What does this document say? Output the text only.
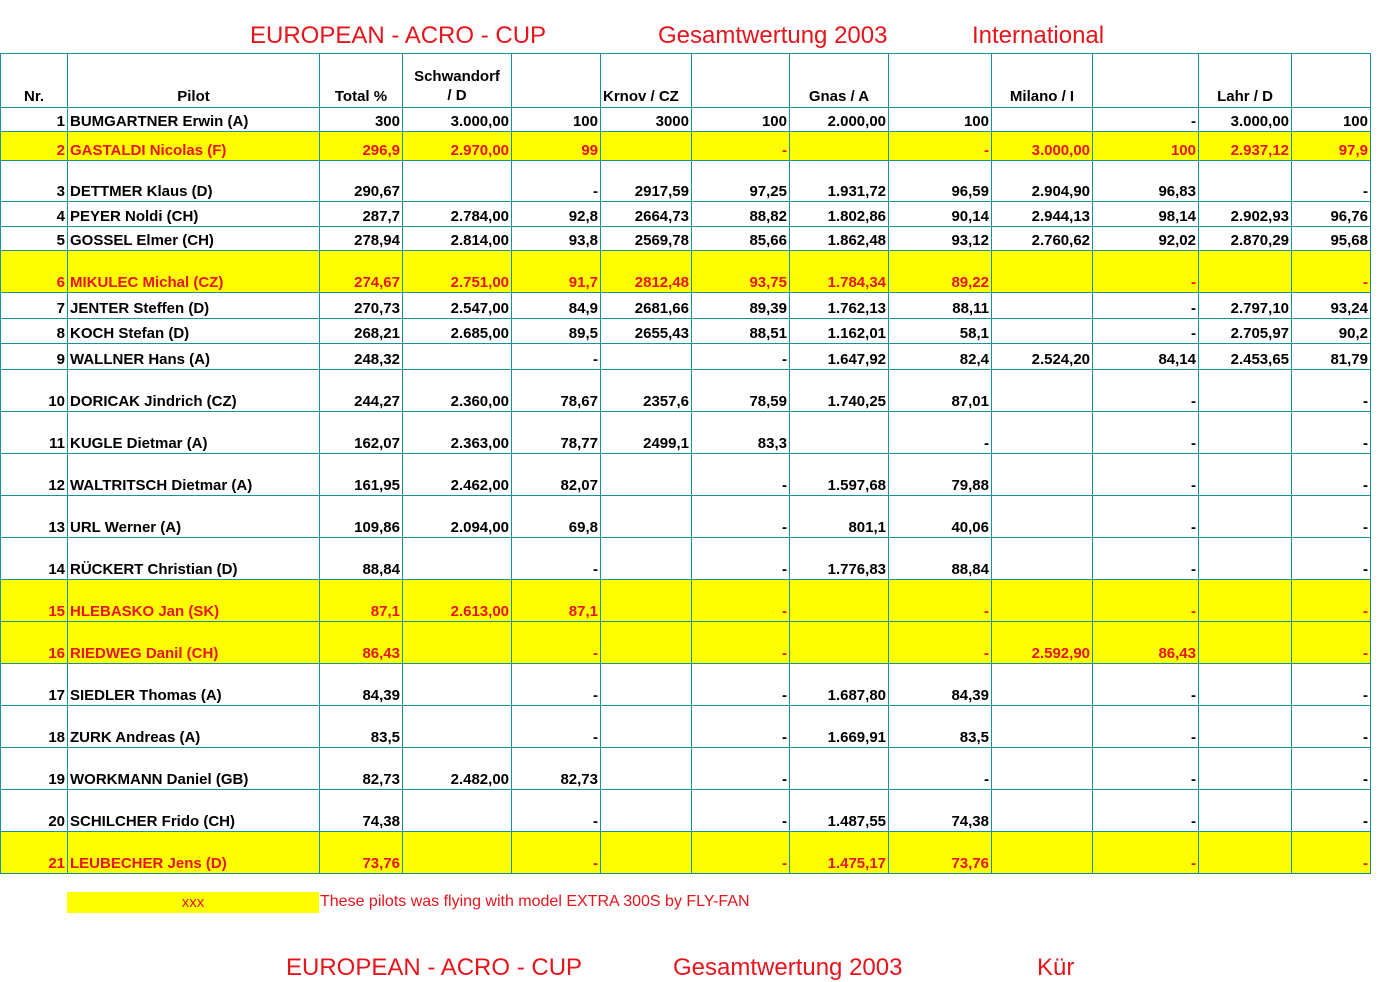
EUROPEAN - ACRO - CUP	Gesamtwertung 2003	International
Nr.	Pilot	Total %	Schwandorf
/ D		Krnov / CZ		Gnas / A		Milano / I		Lahr / D	
1	BUMGARTNER Erwin (A)	300	3.000,00	100	3000	100	2.000,00	100		-	3.000,00	100
2	GASTALDI Nicolas (F)	296,9	2.970,00	99		-		-	3.000,00	100	2.937,12	97,9
3	DETTMER Klaus (D)	290,67		-	2917,59	97,25	1.931,72	96,59	2.904,90	96,83		-
4	PEYER Noldi (CH)	287,7	2.784,00	92,8	2664,73	88,82	1.802,86	90,14	2.944,13	98,14	2.902,93	96,76
5	GOSSEL Elmer (CH)	278,94	2.814,00	93,8	2569,78	85,66	1.862,48	93,12	2.760,62	92,02	2.870,29	95,68
6	MIKULEC Michal (CZ)	274,67	2.751,00	91,7	2812,48	93,75	1.784,34	89,22		-		-
7	JENTER Steffen (D)	270,73	2.547,00	84,9	2681,66	89,39	1.762,13	88,11		-	2.797,10	93,24
8	KOCH Stefan (D)	268,21	2.685,00	89,5	2655,43	88,51	1.162,01	58,1		-	2.705,97	90,2
9	WALLNER Hans (A)	248,32		-		-	1.647,92	82,4	2.524,20	84,14	2.453,65	81,79
10	DORICAK Jindrich (CZ)	244,27	2.360,00	78,67	2357,6	78,59	1.740,25	87,01		-		-
11	KUGLE Dietmar (A)	162,07	2.363,00	78,77	2499,1	83,3		-		-		-
12	WALTRITSCH Dietmar (A)	161,95	2.462,00	82,07		-	1.597,68	79,88		-		-
13	URL Werner (A)	109,86	2.094,00	69,8		-	801,1	40,06		-		-
14	RÜCKERT Christian (D)	88,84		-		-	1.776,83	88,84		-		-
15	HLEBASKO Jan (SK)	87,1	2.613,00	87,1		-		-		-		-
16	RIEDWEG Danil (CH)	86,43		-		-		-	2.592,90	86,43		-
17	SIEDLER Thomas (A)	84,39		-		-	1.687,80	84,39		-		-
18	ZURK Andreas (A)	83,5		-		-	1.669,91	83,5		-		-
19	WORKMANN Daniel (GB)	82,73	2.482,00	82,73		-		-		-		-
20	SCHILCHER Frido (CH)	74,38		-		-	1.487,55	74,38		-		-
21	LEUBECHER Jens (D)	73,76		-		-	1.475,17	73,76		-		-
xxx	These pilots was flying with model EXTRA 300S by FLY-FAN
EUROPEAN - ACRO - CUP	Gesamtwertung 2003	Kür
